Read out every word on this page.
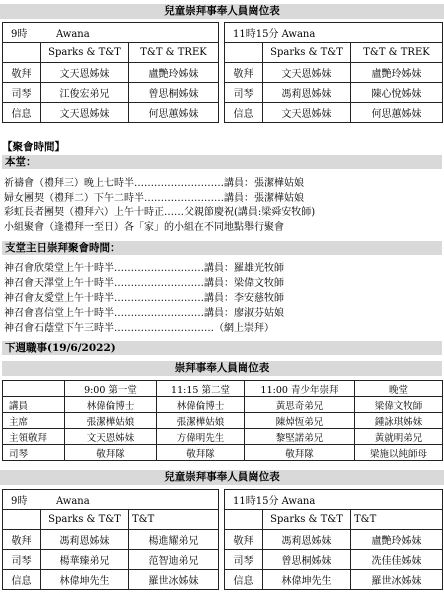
兒童崇拜事奉人員崗位表
9時 Awana				11時15分 Awana		
	Sparks & T&T	T&T & TREK			Sparks & T&T	T&T & TREK
敬拜	文天恩姊妹	盧艷玲姊妹		敬拜	文天恩姊妹	盧艷玲姊妹
司琴	江俊宏弟兄	曾思桐姊妹		司琴	馮莉恩姊妹	陳心悅姊妹
信息	文天恩姊妹	何思蕙姊妹		信息	文天恩姊妹	何思蕙姊妹
【聚會時間】
本堂：
祈禱會（禮拜三）晚上七時半………………………講員：張潔樺姑娘
婦女團契（禮拜二）下午二時半……………………講員：張潔樺姑娘
彩虹長者團契（禮拜六）上午十時正……父親節慶祝(講員:梁舜安牧師)
小組聚會（逢禮拜一至日）各「家」的小組在不同地點舉行聚會
支堂主日崇拜聚會時間：
神召會欣榮堂上午十時半………………………講員：羅雄光牧師
神召會天澤堂上午十時半………………………講員：梁偉文牧師
神召會友愛堂上午十時半………………………講員：李安慈牧師
神召會喜信堂上午十時半………………………講員：廖淑芬姑娘
神召會石蔭堂下午三時半…………………………（網上崇拜）
下週職事(19/6/2022)
崇拜事奉人員崗位表
	9:00 第一堂	11:15 第二堂	11:00 青少年崇拜	晚堂
講員	林偉倫博士	林偉倫博士	黃思奇弟兄	梁偉文牧師
主席	張潔樺姑娘	張潔樺姑娘	陳焯恆弟兄	鍾詠琪姊妹
主領敬拜	文天恩姊妹	方偉明先生	黎堅諾弟兄	黃就明弟兄
司琴	敬拜隊	敬拜隊	敬拜隊	梁施以純師母
兒童崇拜事奉人員崗位表
9時 Awana				11時15分 Awana		
	Sparks & T&T	T&T			Sparks & T&T	T&T
敬拜	馮莉恩姊妹	楊進耀弟兄		敬拜	馮莉恩姊妹	盧艷玲姊妹
司琴	楊華臻弟兄	范智迪弟兄		司琴	曾思桐姊妹	冼佳佳姊妹
信息	林偉坤先生	羅世冰姊妹		信息	林偉坤先生	羅世冰姊妹
